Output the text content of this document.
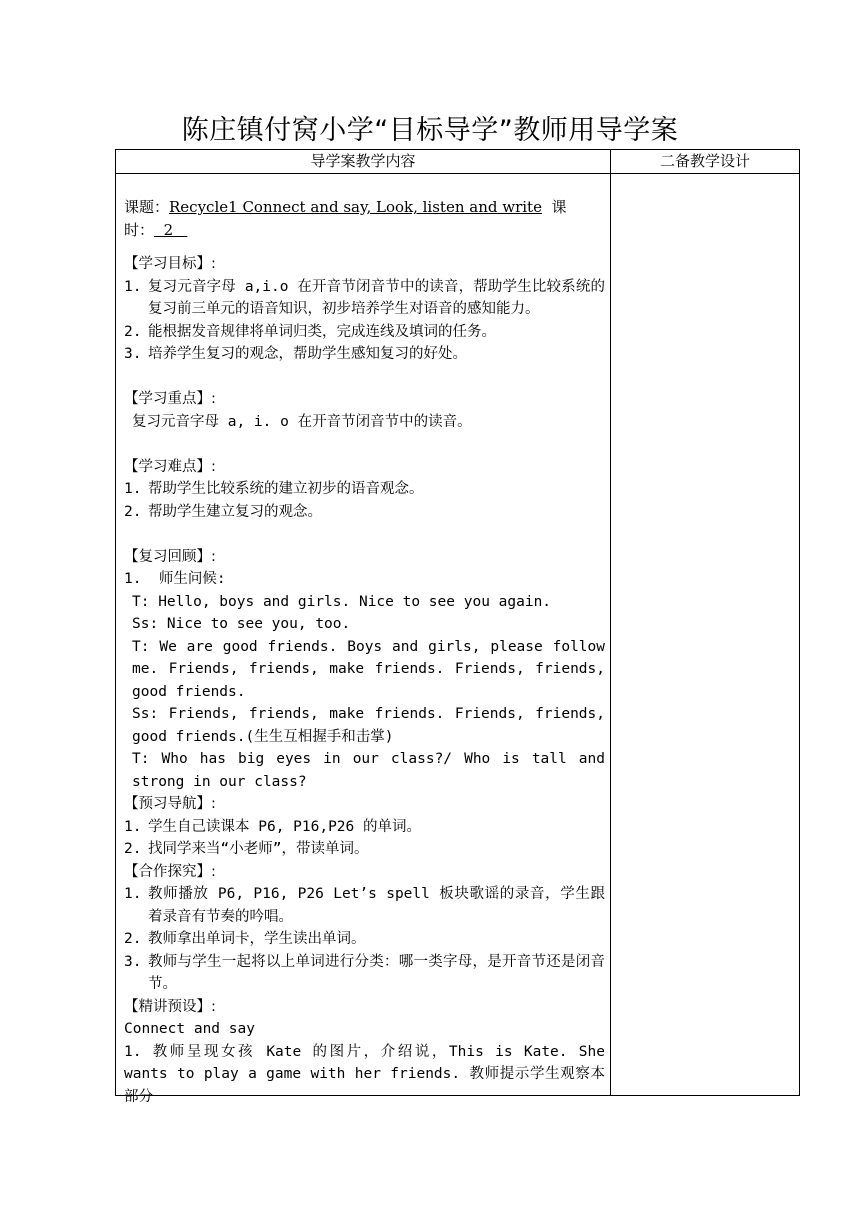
陈庄镇付窝小学“目标导学”教师用导学案
导学案教学内容	二备教学设计
课题：Recycle1 Connect and say, Look, listen and write 课时： 2
【学习目标】:
1. 复习元音字母 a,i.o 在开音节闭音节中的读音，帮助学生比较系统的复习前三单元的语音知识，初步培养学生对语音的感知能力。
2. 能根据发音规律将单词归类，完成连线及填词的任务。
3. 培养学生复习的观念，帮助学生感知复习的好处。
【学习重点】:
复习元音字母 a, i. o 在开音节闭音节中的读音。
【学习难点】:
1. 帮助学生比较系统的建立初步的语音观念。
2. 帮助学生建立复习的观念。
【复习回顾】:
1.  师生问候:
T: Hello, boys and girls. Nice to see you again.
Ss: Nice to see you, too.
T: We are good friends. Boys and girls, please follow me. Friends, friends, make friends. Friends, friends, good friends.
Ss: Friends, friends, make friends. Friends, friends, good friends.(生生互相握手和击掌)
T: Who has big eyes in our class?/ Who is tall and strong in our class?
【预习导航】:
1. 学生自己读课本 P6, P16,P26 的单词。
2. 找同学来当“小老师”，带读单词。
【合作探究】:
1. 教师播放 P6, P16, P26 Let’s spell 板块歌谣的录音，学生跟着录音有节奏的吟唱。
2. 教师拿出单词卡，学生读出单词。
3. 教师与学生一起将以上单词进行分类：哪一类字母，是开音节还是闭音节。
【精讲预设】:
Connect and say
1. 教师呈现女孩 Kate 的图片，介绍说，This is Kate. She wants to play a game with her friends. 教师提示学生观察本部分
